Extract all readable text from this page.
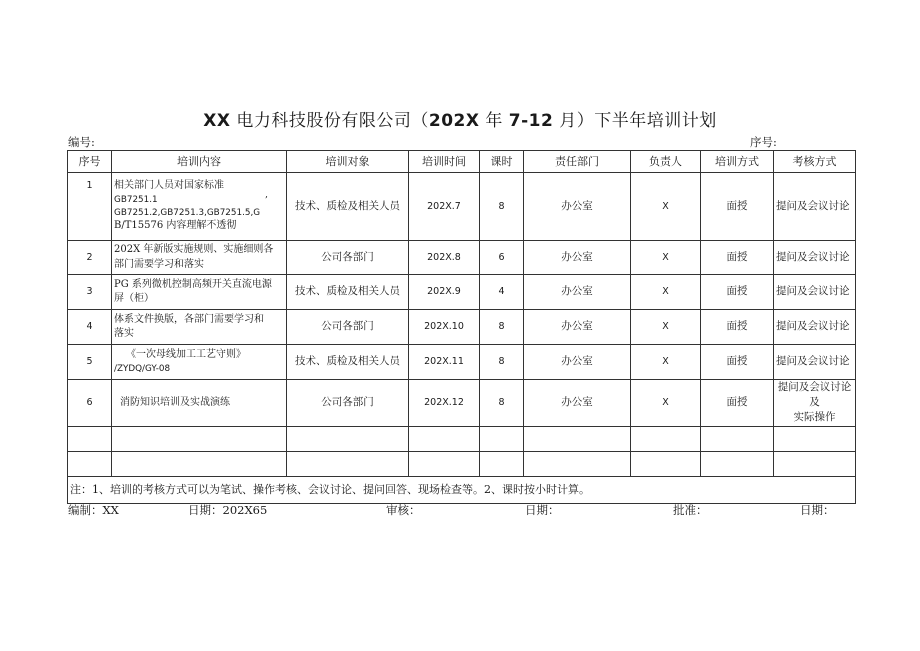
XX 电力科技股份有限公司（202X 年 7-12 月）下半年培训计划
编号:	序号:
序号	培训内容	培训对象	培训时间	课时	责任部门	负责人	培训方式	考核方式
1	相关部门人员对国家标准
GB7251.1
GB7251.2,GB7251.3,GB7251.5,G
B/T15576 内容理解不透彻
,	技术、质检及相关人员	202X.7	8	办公室	X	面授	提问及会议讨论
2	202X 年新版实施规则、实施细则各
部门需要学习和落实	公司各部门	202X.8	6	办公室	X	面授	提问及会议讨论
3	PG 系列微机控制高频开关直流电源
屏（柜）	技术、质检及相关人员	202X.9	4	办公室	X	面授	提问及会议讨论
4	体系文件换版，各部门需要学习和
落实	公司各部门	202X.10	8	办公室	X	面授	提问及会议讨论
5	《一次母线加工工艺守则》
/ZYDQ/GY-08	技术、质检及相关人员	202X.11	8	办公室	X	面授	提问及会议讨论
6	消防知识培训及实战演练	公司各部门	202X.12	8	办公室	X	面授	提问及会议讨论及
实际操作

注：1、培训的考核方式可以为笔试、操作考核、会议讨论、提问回答、现场检查等。2、课时按小时计算。								
编制：XX	日期：202X65	审核：	日期：	批准：	日期：
